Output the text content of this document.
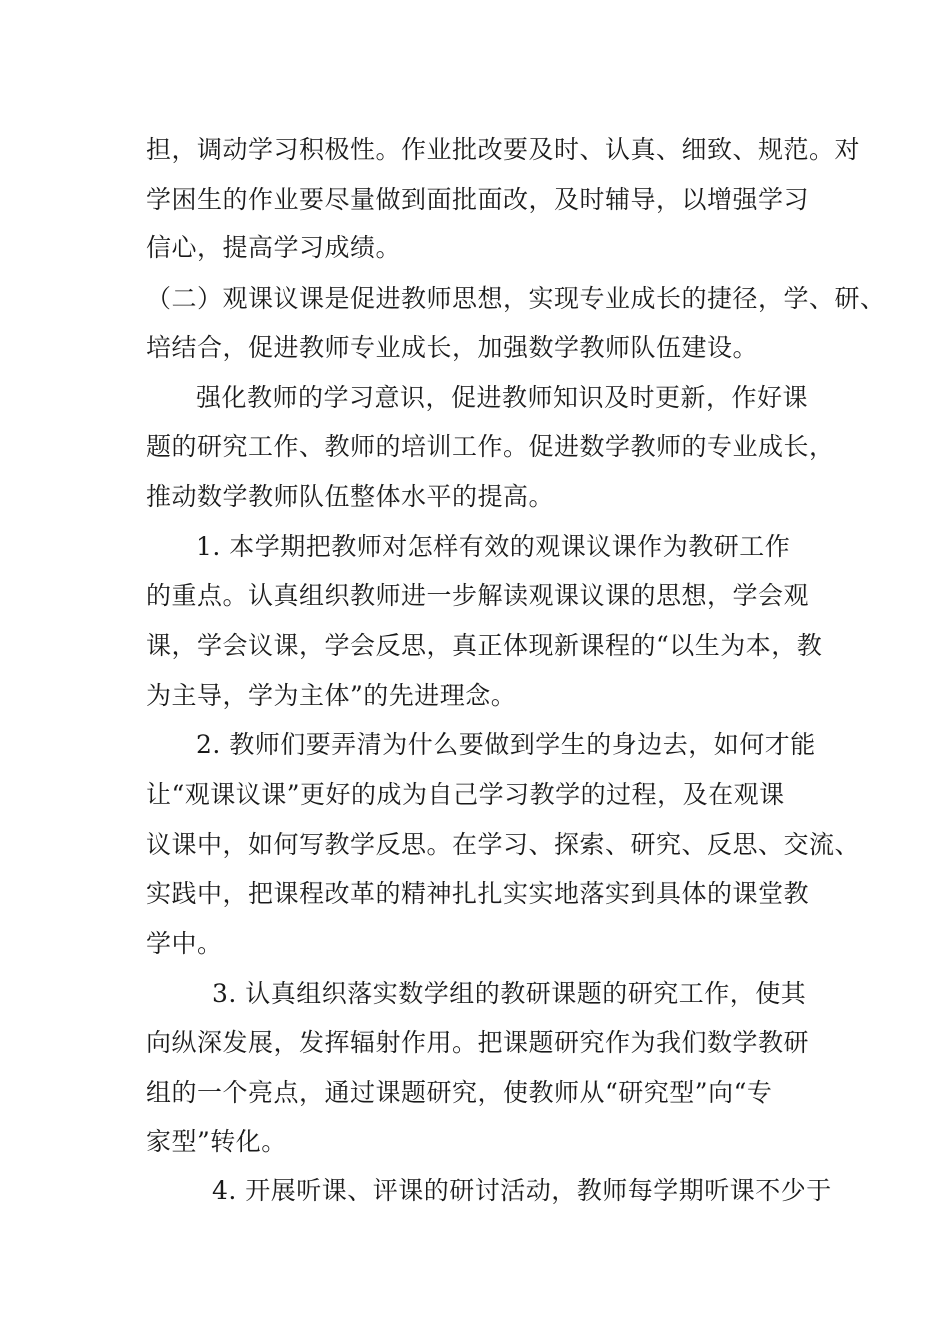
担，调动学习积极性。作业批改要及时、认真、细致、规范。对
学困生的作业要尽量做到面批面改，及时辅导，以增强学习
信心，提高学习成绩。
（二）观课议课是促进教师思想，实现专业成长的捷径，学、研、
培结合，促进教师专业成长，加强数学教师队伍建设。
强化教师的学习意识，促进教师知识及时更新，作好课
题的研究工作、教师的培训工作。促进数学教师的专业成长，
推动数学教师队伍整体水平的提高。
1. 本学期把教师对怎样有效的观课议课作为教研工作
的重点。认真组织教师进一步解读观课议课的思想，学会观
课，学会议课，学会反思，真正体现新课程的“以生为本，教
为主导，学为主体”的先进理念。
2. 教师们要弄清为什么要做到学生的身边去，如何才能
让“观课议课”更好的成为自己学习教学的过程，及在观课
议课中，如何写教学反思。在学习、探索、研究、反思、交流、
实践中，把课程改革的精神扎扎实实地落实到具体的课堂教
学中。
3. 认真组织落实数学组的教研课题的研究工作，使其
向纵深发展，发挥辐射作用。把课题研究作为我们数学教研
组的一个亮点，通过课题研究，使教师从“研究型”向“专
家型”转化。
4. 开展听课、评课的研讨活动，教师每学期听课不少于
